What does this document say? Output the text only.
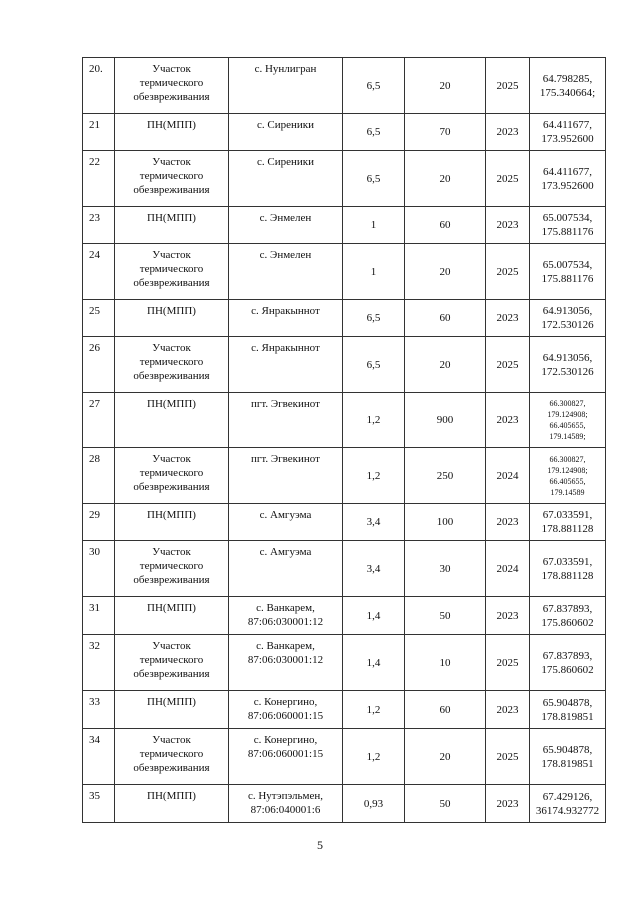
20.	Участок
термического
обезвреживания	с. Нунлигран	6,5	20	2025	64.798285,
175.340664;

21	ПН(МПП)	с. Сиреники	6,5	70	2023	64.411677,
173.952600

22	Участок
термического
обезвреживания	с. Сиреники	6,5	20	2025	64.411677,
173.952600

23	ПН(МПП)	с. Энмелен	1	60	2023	65.007534,
175.881176

24	Участок
термического
обезвреживания	с. Энмелен	1	20	2025	65.007534,
175.881176

25	ПН(МПП)	с. Янракыннот	6,5	60	2023	64.913056,
172.530126

26	Участок
термического
обезвреживания	с. Янракыннот	6,5	20	2025	64.913056,
172.530126

27	ПН(МПП)	пгт. Эгвекинот	1,2	900	2023	66.300827,
179.124908;
66.405655,
179.14589;

28	Участок
термического
обезвреживания	пгт. Эгвекинот	1,2	250	2024	66.300827,
179.124908;
66.405655,
179.14589

29	ПН(МПП)	с. Амгуэма	3,4	100	2023	67.033591,
178.881128

30	Участок
термического
обезвреживания	с. Амгуэма	3,4	30	2024	67.033591,
178.881128

31	ПН(МПП)	с. Ванкарем,
87:06:030001:12	1,4	50	2023	67.837893,
175.860602

32	Участок
термического
обезвреживания	с. Ванкарем,
87:06:030001:12	1,4	10	2025	67.837893,
175.860602

33	ПН(МПП)	с. Конергино,
87:06:060001:15	1,2	60	2023	65.904878,
178.819851

34	Участок
термического
обезвреживания	с. Конергино,
87:06:060001:15	1,2	20	2025	65.904878,
178.819851

35	ПН(МПП)	с. Нутэпэльмен,
87:06:040001:6	0,93	50	2023	67.429126,
36174.932772
5
